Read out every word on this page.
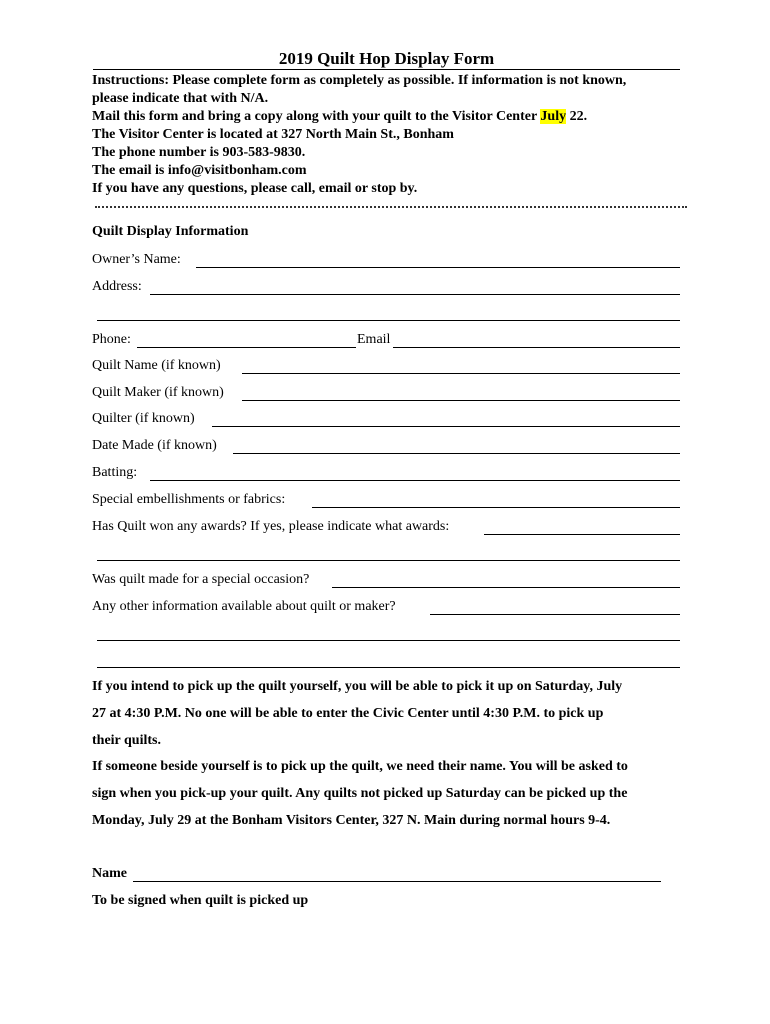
2019 Quilt Hop Display Form
Instructions: Please complete form as completely as possible. If information is not known,
please indicate that with N/A.
Mail this form and bring a copy along with your quilt to the Visitor Center July 22.
The Visitor Center is located at 327 North Main St., Bonham
The phone number is 903-583-9830.
The email is info@visitbonham.com
If you have any questions, please call, email or stop by.
Quilt Display Information
Owner’s Name:
Address:
Phone:	Email
Quilt Name (if known)
Quilt Maker (if known)
Quilter (if known)
Date Made (if known)
Batting:
Special embellishments or fabrics:
Has Quilt won any awards? If yes, please indicate what awards:
Was quilt made for a special occasion?
Any other information available about quilt or maker?
If you intend to pick up the quilt yourself, you will be able to pick it up on Saturday, July
27 at 4:30 P.M. No one will be able to enter the Civic Center until 4:30 P.M. to pick up
their quilts.
If someone beside yourself is to pick up the quilt, we need their name. You will be asked to
sign when you pick-up your quilt. Any quilts not picked up Saturday can be picked up the
Monday, July 29 at the Bonham Visitors Center, 327 N. Main during normal hours 9-4.
Name
To be signed when quilt is picked up
